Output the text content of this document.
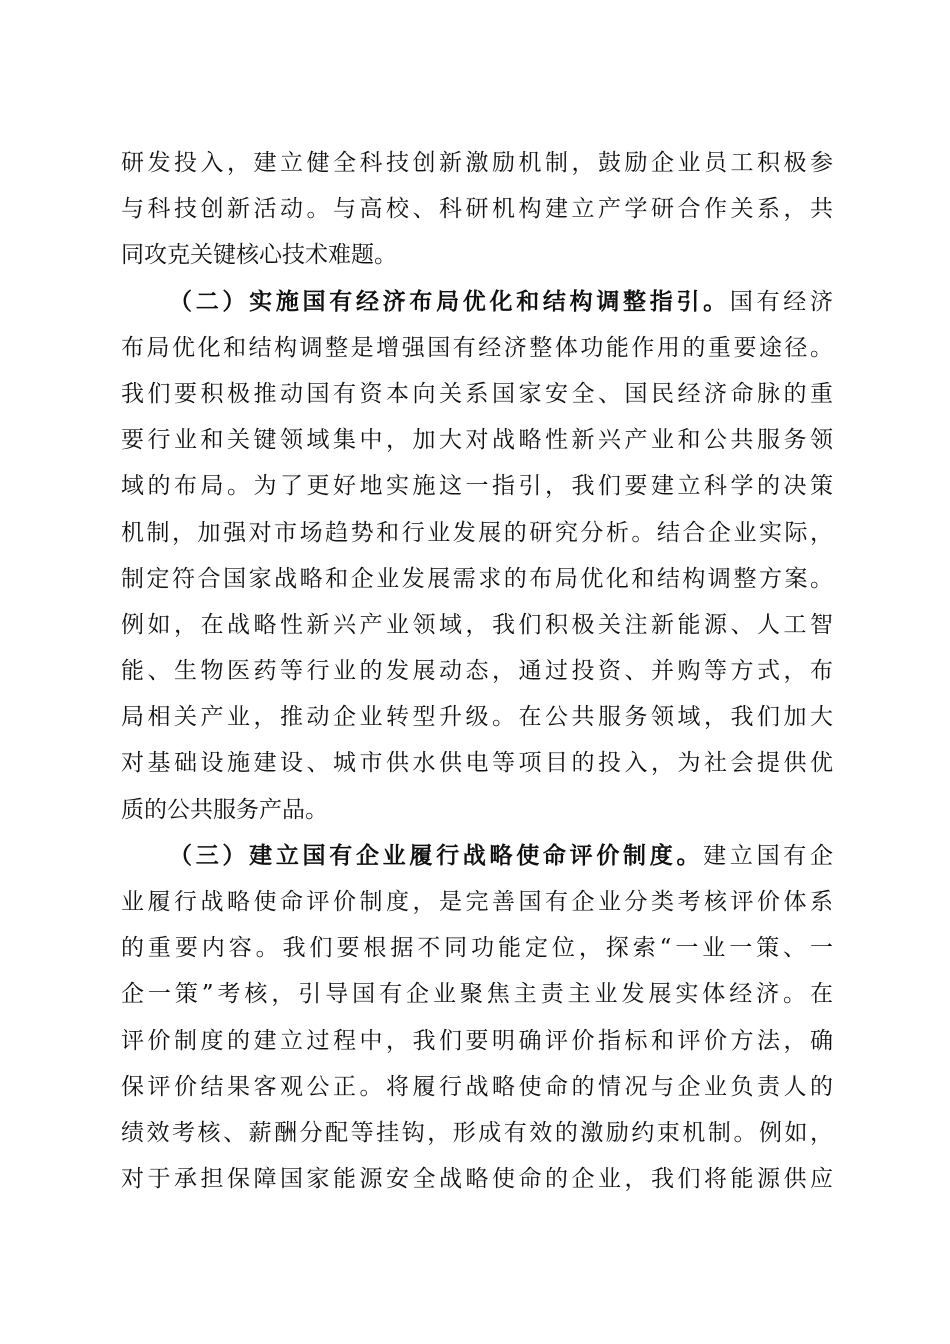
研发投入，建立健全科技创新激励机制，鼓励企业员工积极参
与科技创新活动。与高校、科研机构建立产学研合作关系，共
同攻克关键核心技术难题。
（二）实施国有经济布局优化和结构调整指引。国有经济
布局优化和结构调整是增强国有经济整体功能作用的重要途径。
我们要积极推动国有资本向关系国家安全、国民经济命脉的重
要行业和关键领域集中，加大对战略性新兴产业和公共服务领
域的布局。为了更好地实施这一指引，我们要建立科学的决策
机制，加强对市场趋势和行业发展的研究分析。结合企业实际，
制定符合国家战略和企业发展需求的布局优化和结构调整方案。
例如，在战略性新兴产业领域，我们积极关注新能源、人工智
能、生物医药等行业的发展动态，通过投资、并购等方式，布
局相关产业，推动企业转型升级。在公共服务领域，我们加大
对基础设施建设、城市供水供电等项目的投入，为社会提供优
质的公共服务产品。
（三）建立国有企业履行战略使命评价制度。建立国有企
业履行战略使命评价制度，是完善国有企业分类考核评价体系
的重要内容。我们要根据不同功能定位，探索“一业一策、一
企一策”考核，引导国有企业聚焦主责主业发展实体经济。在
评价制度的建立过程中，我们要明确评价指标和评价方法，确
保评价结果客观公正。将履行战略使命的情况与企业负责人的
绩效考核、薪酬分配等挂钩，形成有效的激励约束机制。例如，
对于承担保障国家能源安全战略使命的企业，我们将能源供应
